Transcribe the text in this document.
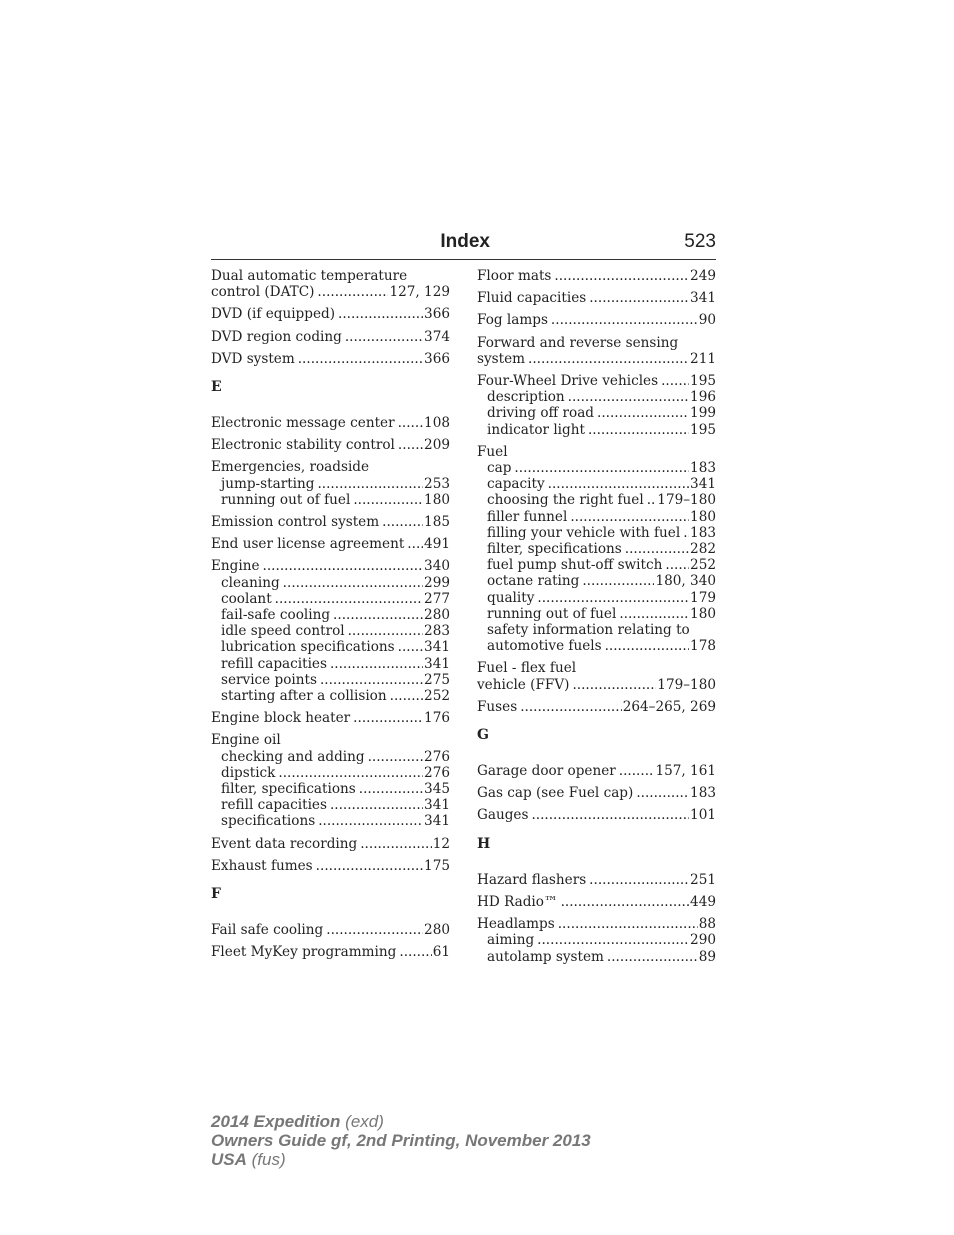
Index	523
Dual automatic temperature
control (DATC) .....	127, 129
DVD (if equipped) .....	366
DVD region coding .....	374
DVD system .....	366
E
Electronic message center ..... 108
Electronic stability control ..... 209
Emergencies, roadside
jump-starting .....	253
running out of fuel .....	180
Emission control system .....	185
End user license agreement ..... 491
Engine .....	340
cleaning .....	299
coolant .....	277
fail-safe cooling .....	280
idle speed control .....	283
lubrication specifications ..... 341
refill capacities .....	341
service points .....	275
starting after a collision .....	252
Engine block heater .....	176
Engine oil
checking and adding .....	276
dipstick .....	276
filter, specifications .....	345
refill capacities .....	341
specifications .....	341
Event data recording .....	12
Exhaust fumes .....	175
F
Fail safe cooling .....	280
Fleet MyKey programming .....	61
Floor mats .....	249
Fluid capacities .....	341
Fog lamps .....	90
Forward and reverse sensing
system .....	211
Four-Wheel Drive vehicles ..... 195
description .....	196
driving off road .....	199
indicator light .....	195
Fuel
cap .....	183
capacity .....	341
choosing the right fuel ..... 179–180
filler funnel .....	180
filling your vehicle with fuel ..... 183
filter, specifications .....	282
fuel pump shut-off switch ..... 252
octane rating .....	180, 340
quality .....	179
running out of fuel .....	180
safety information relating to
automotive fuels .....	178
Fuel - flex fuel
vehicle (FFV) .....	179–180
Fuses .....	264–265, 269
G
Garage door opener .....	157, 161
Gas cap (see Fuel cap) .....	183
Gauges .....	101
H
Hazard flashers .....	251
HD Radio™ .....	449
Headlamps .....	88
aiming .....	290
autolamp system .....	89
2014 Expedition (exd)
Owners Guide gf, 2nd Printing, November 2013
USA (fus)
